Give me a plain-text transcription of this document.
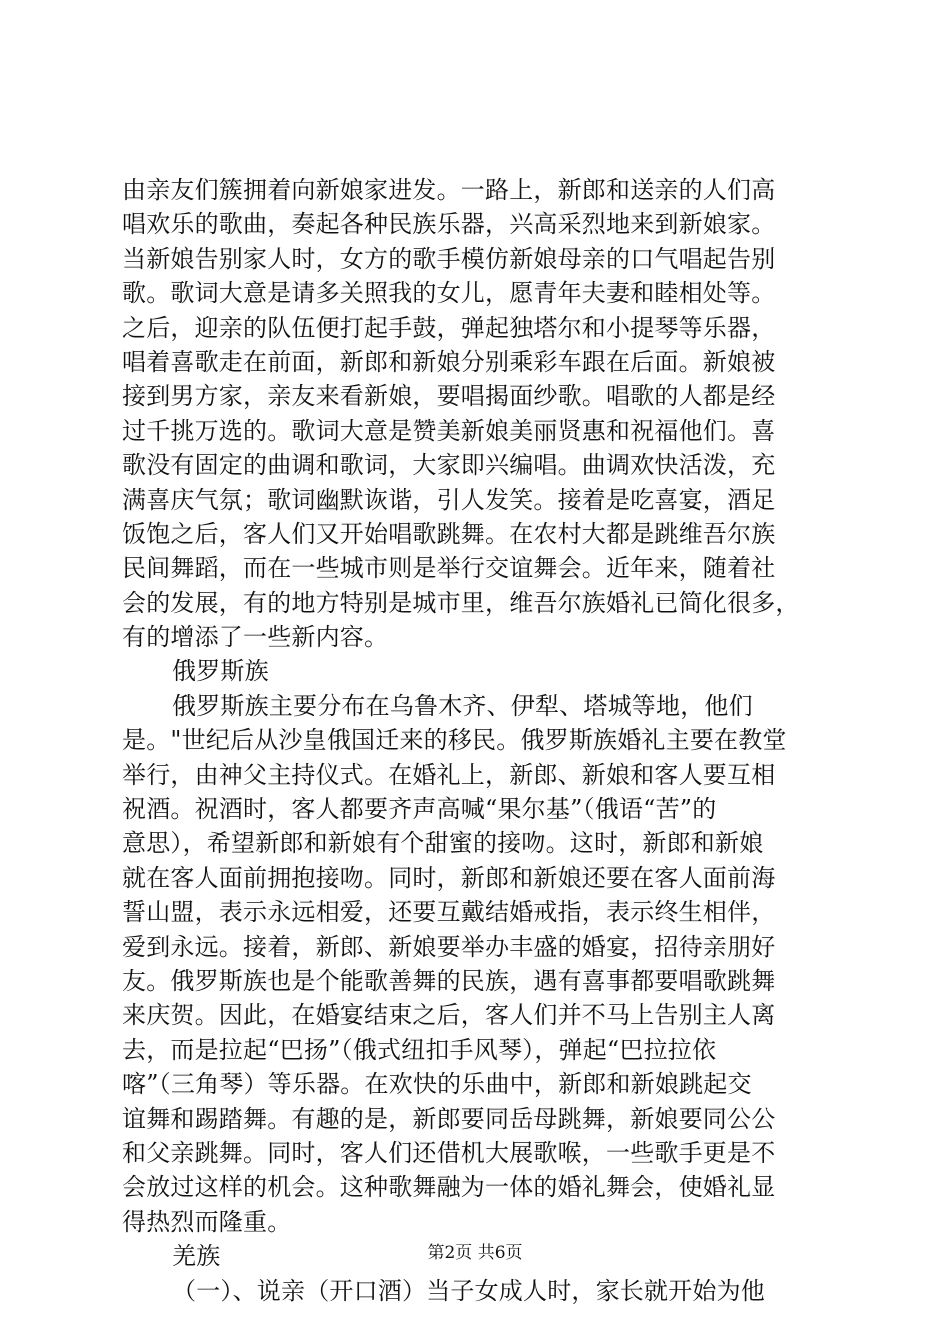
由亲友们簇拥着向新娘家进发。一路上，新郎和送亲的人们高
唱欢乐的歌曲，奏起各种民族乐器，兴高采烈地来到新娘家。
当新娘告别家人时，女方的歌手模仿新娘母亲的口气唱起告别
歌。歌词大意是请多关照我的女儿，愿青年夫妻和睦相处等。
之后，迎亲的队伍便打起手鼓，弹起独塔尔和小提琴等乐器，
唱着喜歌走在前面，新郎和新娘分别乘彩车跟在后面。新娘被
接到男方家，亲友来看新娘，要唱揭面纱歌。唱歌的人都是经
过千挑万选的。歌词大意是赞美新娘美丽贤惠和祝福他们。喜
歌没有固定的曲调和歌词，大家即兴编唱。曲调欢快活泼，充
满喜庆气氛；歌词幽默诙谐，引人发笑。接着是吃喜宴，酒足
饭饱之后，客人们又开始唱歌跳舞。在农村大都是跳维吾尔族
民间舞蹈，而在一些城市则是举行交谊舞会。近年来，随着社
会的发展，有的地方特别是城市里，维吾尔族婚礼已简化很多，
有的增添了一些新内容。
俄罗斯族
俄罗斯族主要分布在乌鲁木齐、伊犁、塔城等地，他们
是。"世纪后从沙皇俄国迁来的移民。俄罗斯族婚礼主要在教堂
举行，由神父主持仪式。在婚礼上，新郎、新娘和客人要互相
祝酒。祝酒时，客人都要齐声高喊“果尔基”（俄语“苦”的
意思），希望新郎和新娘有个甜蜜的接吻。这时，新郎和新娘
就在客人面前拥抱接吻。同时，新郎和新娘还要在客人面前海
誓山盟，表示永远相爱，还要互戴结婚戒指，表示终生相伴，
爱到永远。接着，新郎、新娘要举办丰盛的婚宴，招待亲朋好
友。俄罗斯族也是个能歌善舞的民族，遇有喜事都要唱歌跳舞
来庆贺。因此，在婚宴结束之后，客人们并不马上告别主人离
去，而是拉起“巴扬”（俄式纽扣手风琴），弹起“巴拉拉依
喀”（三角琴）等乐器。在欢快的乐曲中，新郎和新娘跳起交
谊舞和踢踏舞。有趣的是，新郎要同岳母跳舞，新娘要同公公
和父亲跳舞。同时，客人们还借机大展歌喉，一些歌手更是不
会放过这样的机会。这种歌舞融为一体的婚礼舞会，使婚礼显
得热烈而隆重。
羌族
（一）、说亲（开口酒）当子女成人时，家长就开始为他
第2页 共6页
